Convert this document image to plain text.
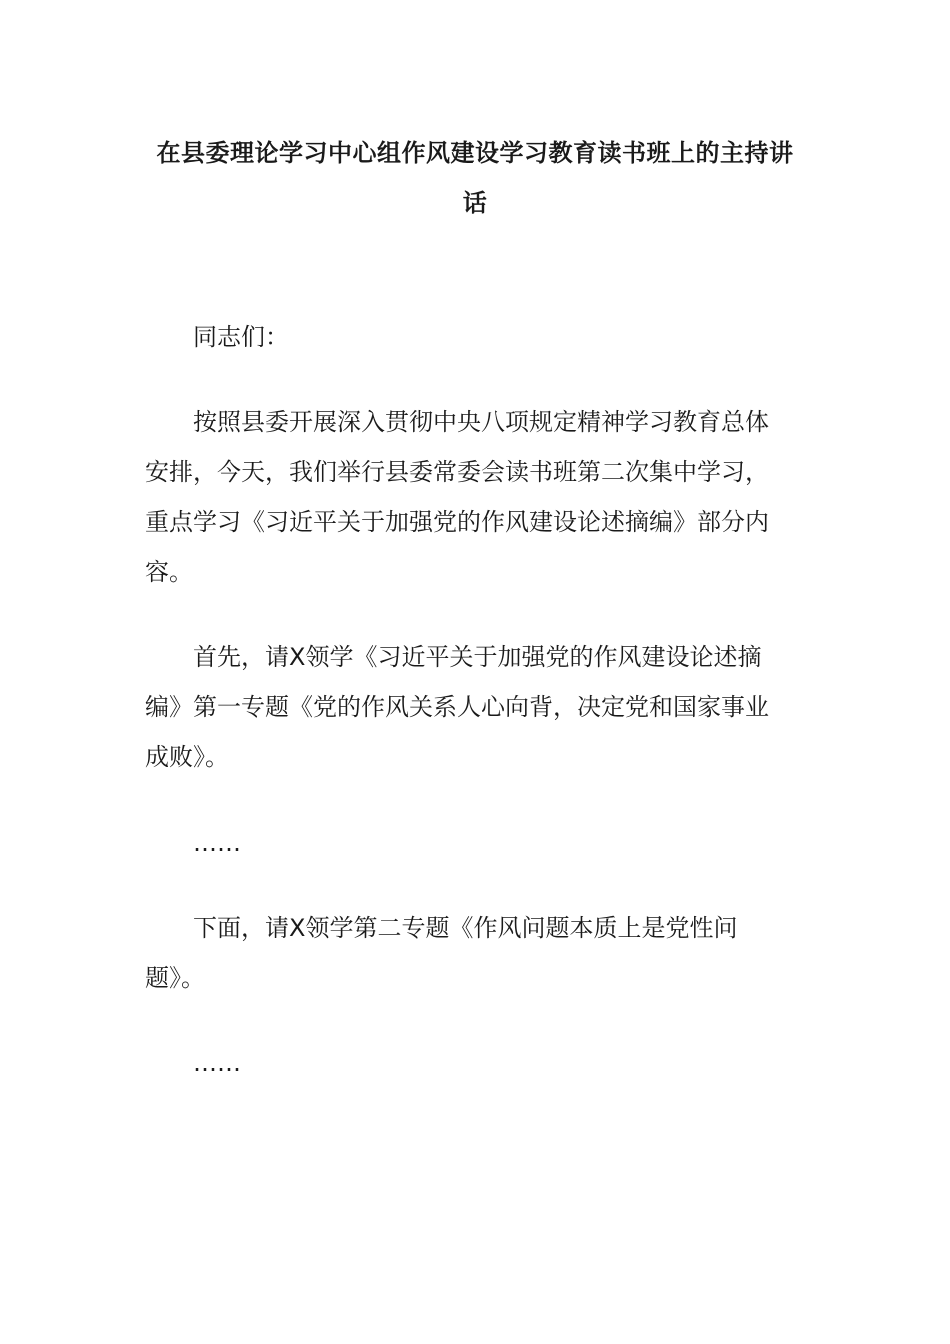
在县委理论学习中心组作风建设学习教育读书班上的主持讲话

同志们：

按照县委开展深入贯彻中央八项规定精神学习教育总体安排，今天，我们举行县委常委会读书班第二次集中学习，重点学习《习近平关于加强党的作风建设论述摘编》部分内容。

首先，请X领学《习近平关于加强党的作风建设论述摘编》第一专题《党的作风关系人心向背，决定党和国家事业成败》。

……

下面，请X领学第二专题《作风问题本质上是党性问题》。

……
